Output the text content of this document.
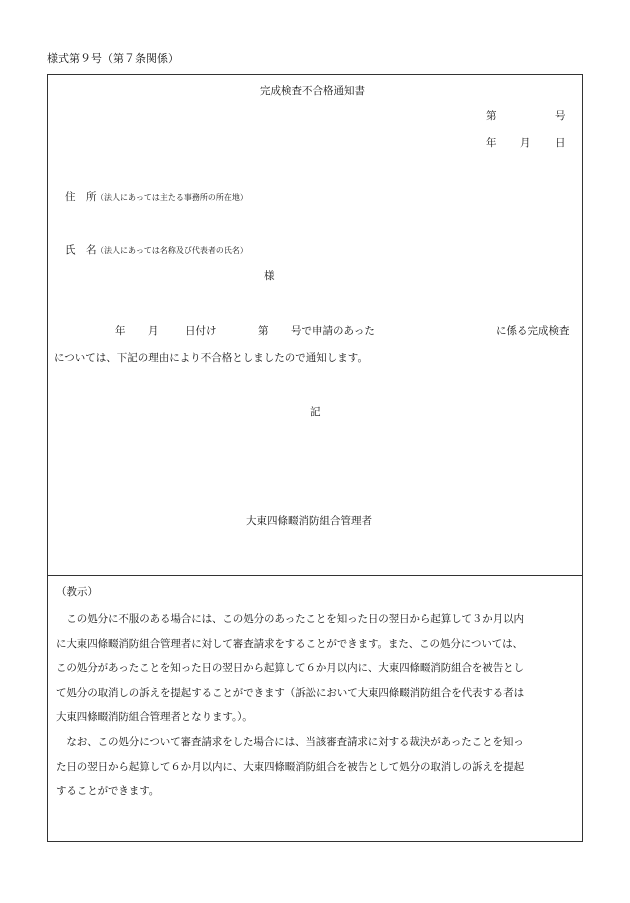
様式第９号（第７条関係）
完成検査不合格通知書
第	号
年 月 日
住　所 （法人にあっては主たる事務所の所在地）
氏　名 （法人にあっては名称及び代表者の氏名）
様
年 月	日付け	第 号で申請のあった	に係る完成検査
については、下記の理由により不合格としましたので通知します。
記
大東四條畷消防組合管理者
（教示）
　この処分に不服のある場合には、この処分のあったことを知った日の翌日から起算して３か月以内
に大東四條畷消防組合管理者に対して審査請求をすることができます。また、この処分については、
この処分があったことを知った日の翌日から起算して６か月以内に、大東四條畷消防組合を被告とし
て処分の取消しの訴えを提起することができます（訴訟において大東四條畷消防組合を代表する者は
大東四條畷消防組合管理者となります。）。
　なお、この処分について審査請求をした場合には、当該審査請求に対する裁決があったことを知っ
た日の翌日から起算して６か月以内に、大東四條畷消防組合を被告として処分の取消しの訴えを提起
することができます。
